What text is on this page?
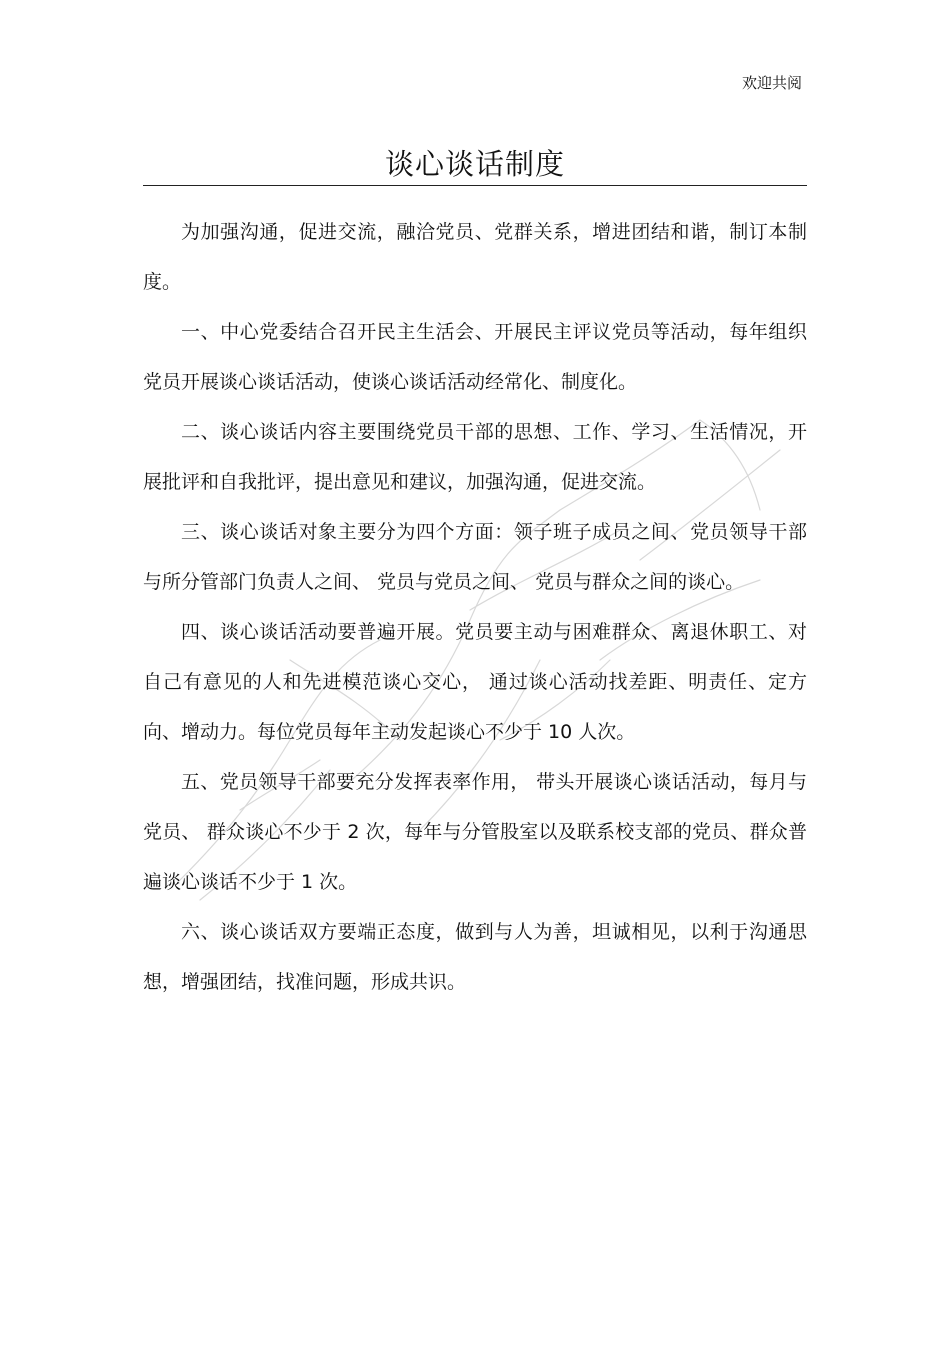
欢迎共阅
谈心谈话制度

为加强沟通，促进交流，融洽党员、党群关系，增进团结和谐，制订本制度。

一、中心党委结合召开民主生活会、开展民主评议党员等活动，每年组织党员开展谈心谈话活动，使谈心谈话活动经常化、制度化。

二、谈心谈话内容主要围绕党员干部的思想、工作、学习、生活情况，开展批评和自我批评，提出意见和建议，加强沟通，促进交流。

三、谈心谈话对象主要分为四个方面：领子班子成员之间、党员领导干部与所分管部门负责人之间、 党员与党员之间、 党员与群众之间的谈心。

四、谈心谈话活动要普遍开展。党员要主动与困难群众、离退休职工、对自己有意见的人和先进模范谈心交心， 通过谈心活动找差距、明责任、定方向、增动力。每位党员每年主动发起谈心不少于 10 人次。

五、党员领导干部要充分发挥表率作用， 带头开展谈心谈话活动，每月与党员、 群众谈心不少于 2 次，每年与分管股室以及联系校支部的党员、群众普遍谈心谈话不少于 1 次。

六、谈心谈话双方要端正态度，做到与人为善，坦诚相见，以利于沟通思想，增强团结，找准问题，形成共识。
